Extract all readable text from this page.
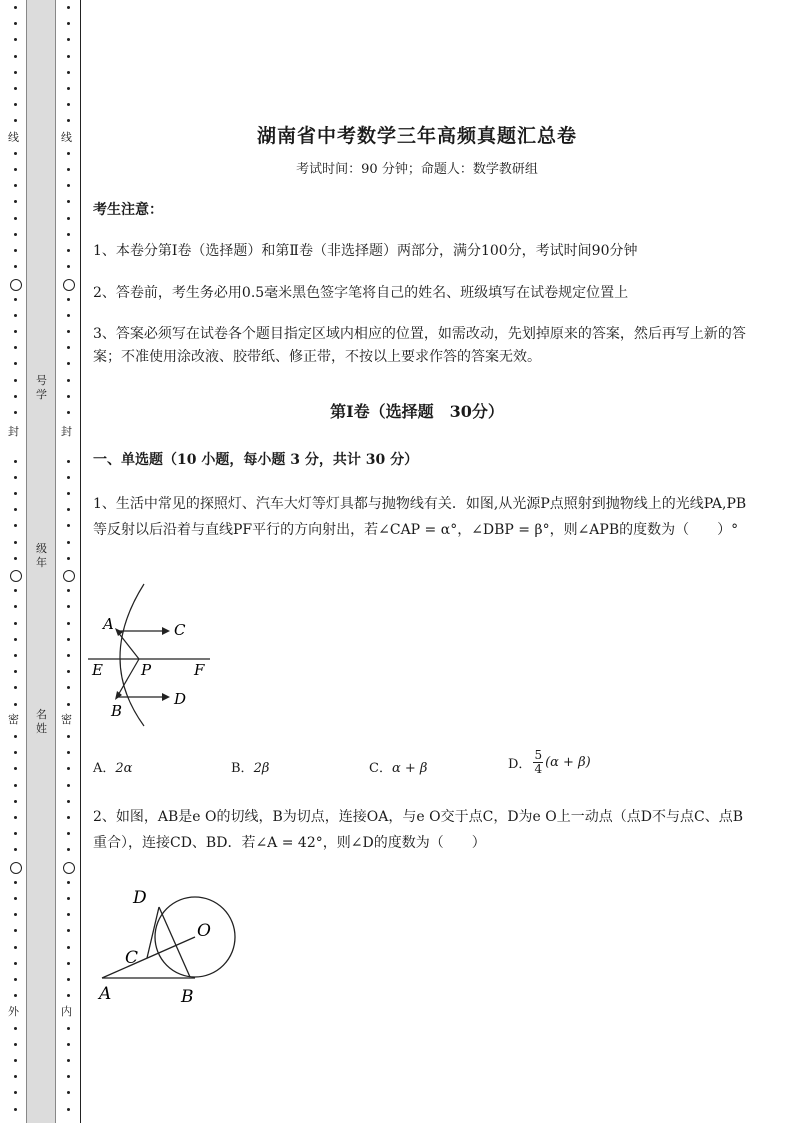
线
封
密
外
号学
级年
名姓
线
封
密
内
湖南省中考数学三年高频真题汇总卷
考试时间：90 分钟；命题人：数学教研组
考生注意：
1、本卷分第Ⅰ卷（选择题）和第Ⅱ卷（非选择题）两部分，满分100分，考试时间90分钟
2、答卷前，考生务必用0.5毫米黑色签字笔将自己的姓名、班级填写在试卷规定位置上
3、答案必须写在试卷各个题目指定区域内相应的位置，如需改动，先划掉原来的答案，然后再写上新的答案；不准使用涂改液、胶带纸、修正带，不按以上要求作答的答案无效。
第Ⅰ卷（选择题　30分）
一、单选题（10 小题，每小题 3 分，共计 30 分）
1、生活中常见的探照灯、汽车大灯等灯具都与抛物线有关．如图,从光源P点照射到抛物线上的光线PA,PB等反射以后沿着与直线PF平行的方向射出，若∠CAP = α°，∠DBP = β°，则∠APB的度数为（　　）°
A	C
E	P	F
D
B
A．2α	B．2β	C．α + β	D． $\frac{5}{4} (\alpha + \beta)$
2、如图，AB是e O的切线，B为切点，连接OA，与e O交于点C，D为e O上一动点（点D不与点C、点B重合），连接CD、BD．若∠A = 42°，则∠D的度数为（　　）
D
O
C
A	B
